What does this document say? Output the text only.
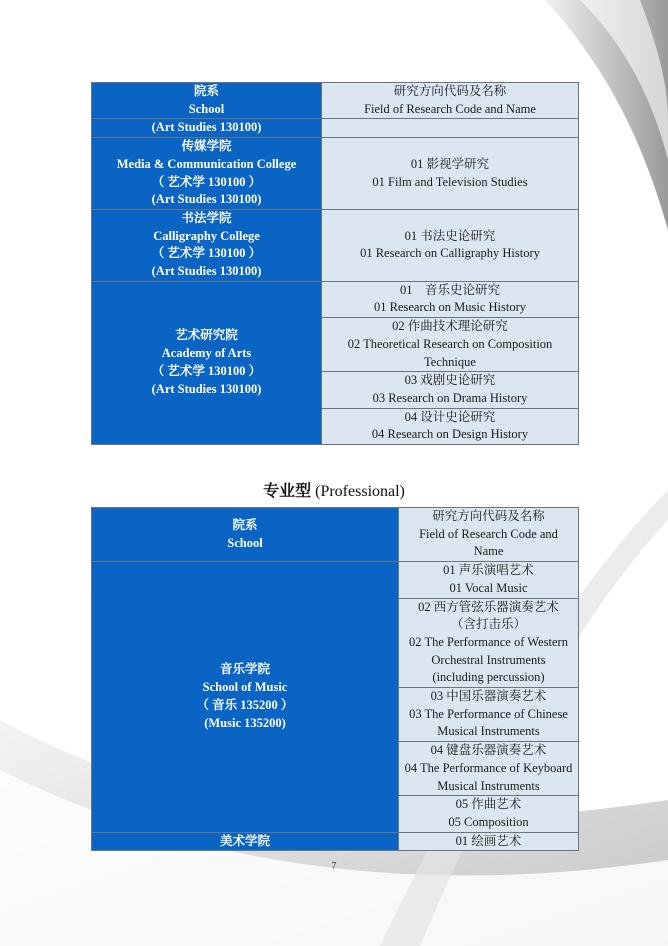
院系
School	研究方向代码及名称
Field of Research Code and Name

(Art Studies 130100)	

传媒学院
Media & Communication College
（ 艺术学 130100 ）
(Art Studies 130100)	01 影视学研究
01 Film and Television Studies

书法学院
Calligraphy College
（ 艺术学 130100 ）
(Art Studies 130100)	01 书法史论研究
01 Research on Calligraphy History

艺术研究院
Academy of Arts
（ 艺术学 130100 ）
(Art Studies 130100)	01　音乐史论研究
01 Research on Music History

	02 作曲技术理论研究
02 Theoretical Research on Composition Technique

	03 戏剧史论研究
03 Research on Drama History

	04 设计史论研究
04 Research on Design History
专业型 (Professional)
院系
School	研究方向代码及名称
Field of Research Code and Name

音乐学院
School of Music
（ 音乐 135200 ）
(Music 135200)	01 声乐演唱艺术
01 Vocal Music

	02 西方管弦乐器演奏艺术
（含打击乐）
02 The Performance of Western Orchestral Instruments
(including percussion)

	03 中国乐器演奏艺术
03 The Performance of Chinese Musical Instruments

	04 键盘乐器演奏艺术
04 The Performance of Keyboard Musical Instruments

	05 作曲艺术
05 Composition

美术学院	01 绘画艺术
7
